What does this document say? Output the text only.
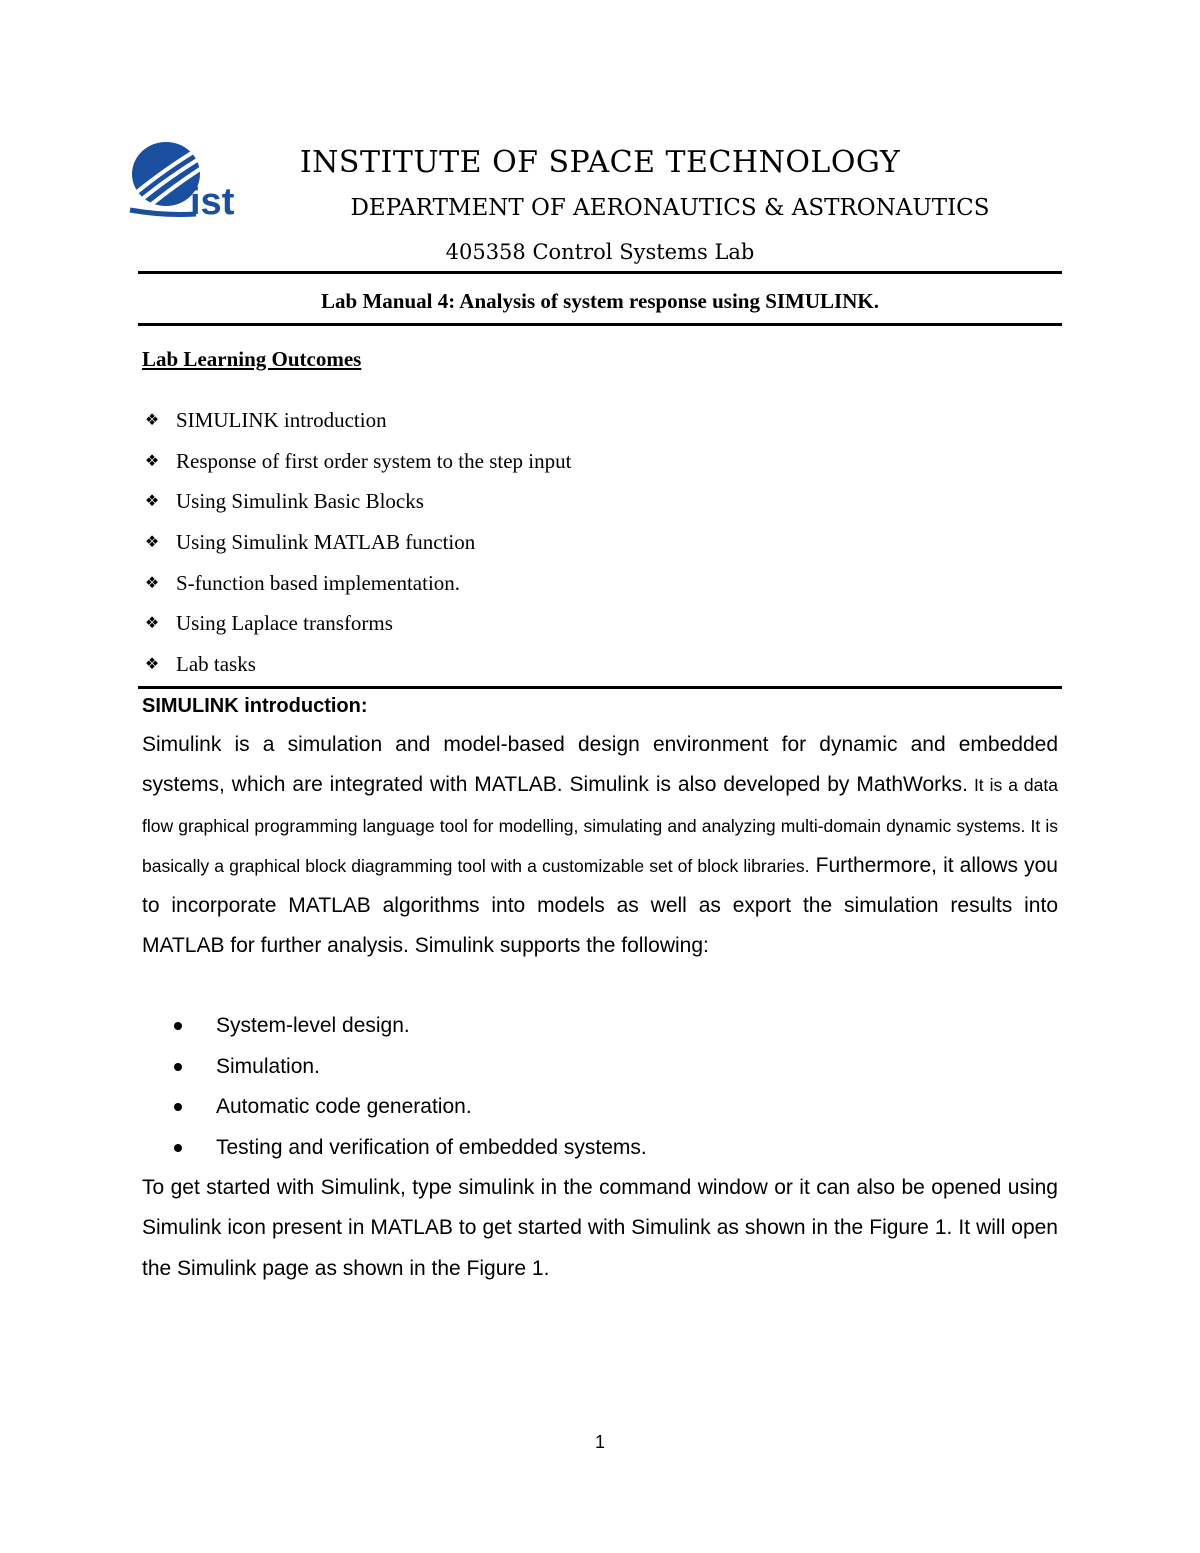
ist
INSTITUTE OF SPACE TECHNOLOGY
DEPARTMENT OF AERONAUTICS & ASTRONAUTICS
405358 Control Systems Lab
Lab Manual 4: Analysis of system response using SIMULINK.
Lab Learning Outcomes
❖ SIMULINK introduction
❖ Response of first order system to the step input
❖ Using Simulink Basic Blocks
❖ Using Simulink MATLAB function
❖ S-function based implementation.
❖ Using Laplace transforms
❖ Lab tasks
SIMULINK introduction:

Simulink is a simulation and model-based design environment for dynamic and embedded systems, which are integrated with MATLAB. Simulink is also developed by MathWorks. It is a data flow graphical programming language tool for modelling, simulating and analyzing multi-domain dynamic systems. It is basically a graphical block diagramming tool with a customizable set of block libraries. Furthermore, it allows you to incorporate MATLAB algorithms into models as well as export the simulation results into MATLAB for further analysis. Simulink supports the following:

System-level design.
Simulation.
Automatic code generation.
Testing and verification of embedded systems.

To get started with Simulink, type simulink in the command window or it can also be opened using Simulink icon present in MATLAB to get started with Simulink as shown in the Figure 1. It will open the Simulink page as shown in the Figure 1.

1
